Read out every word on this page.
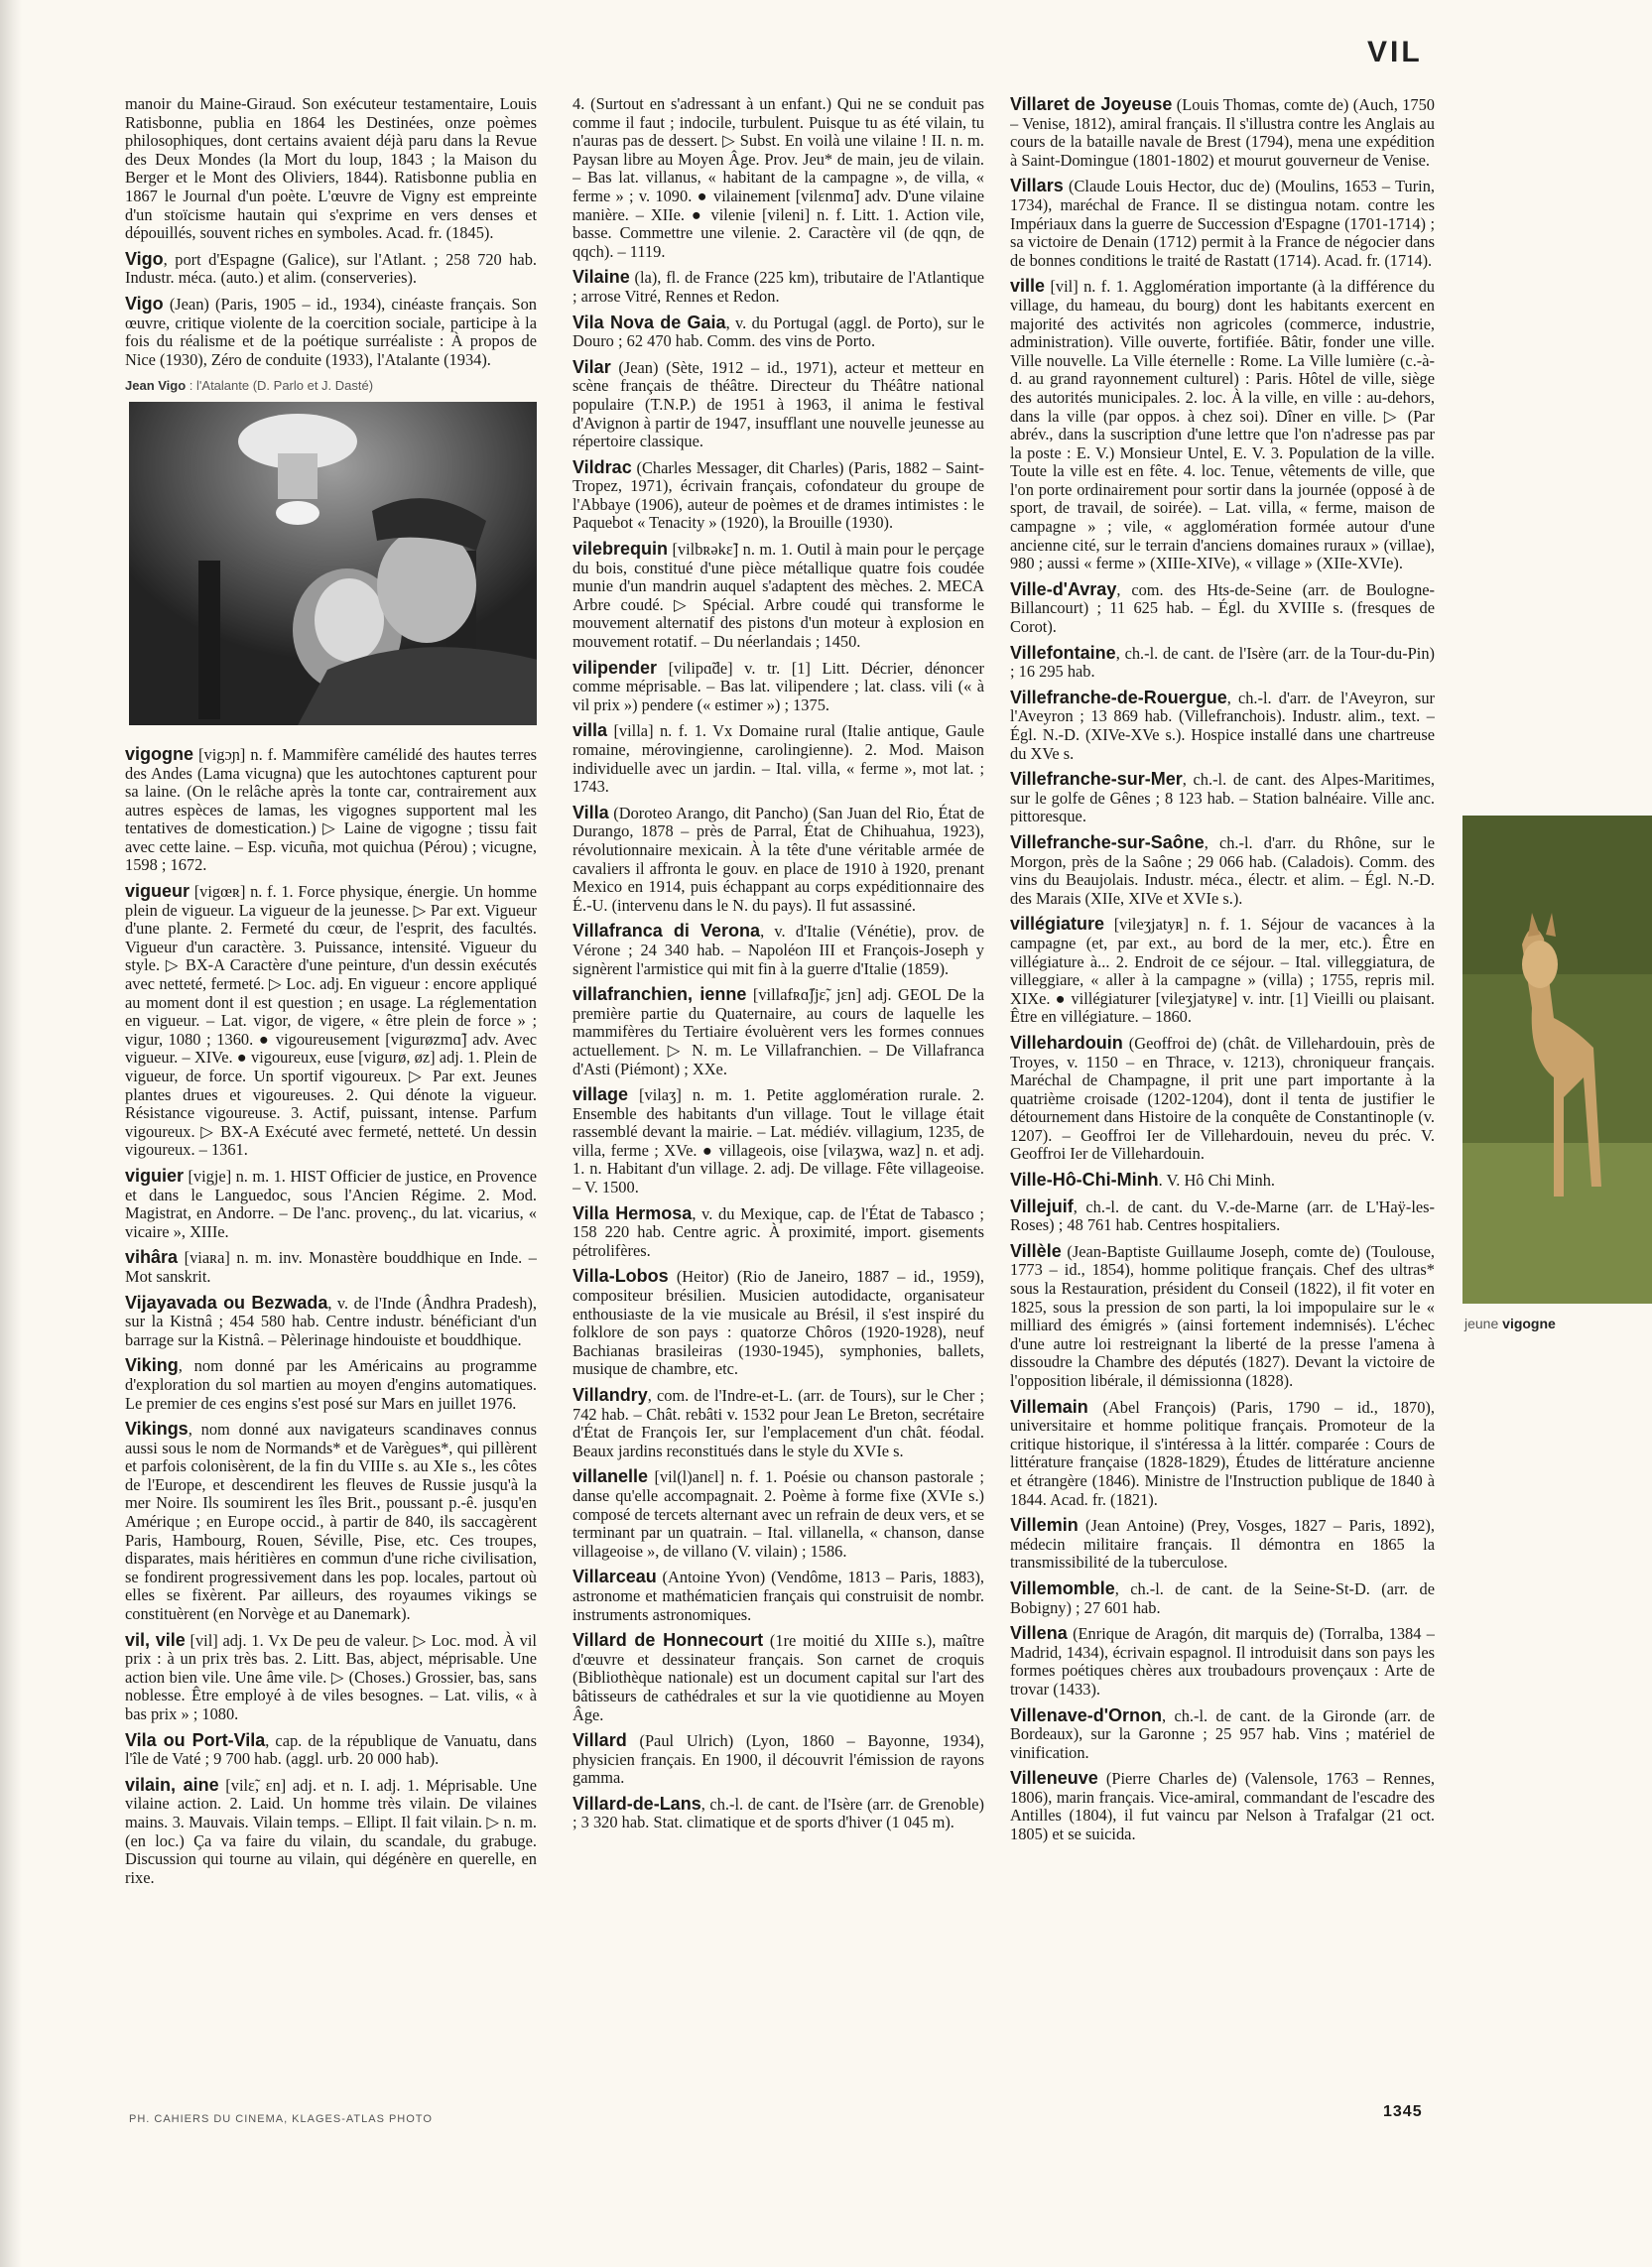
VIL

manoir du Maine-Giraud. Son exécuteur testamentaire, Louis Ratisbonne, publia en 1864 les Destinées, onze poèmes philosophiques, dont certains avaient déjà paru dans la Revue des Deux Mondes (la Mort du loup, 1843 ; la Maison du Berger et le Mont des Oliviers, 1844). Ratisbonne publia en 1867 le Journal d'un poète. L'œuvre de Vigny est empreinte d'un stoïcisme hautain qui s'exprime en vers denses et dépouillés, souvent riches en symboles. Acad. fr. (1845).

Vigo, port d'Espagne (Galice), sur l'Atlant. ; 258 720 hab. Industr. méca. (auto.) et alim. (conserveries).

Vigo (Jean) (Paris, 1905 – id., 1934), cinéaste français. Son œuvre, critique violente de la coercition sociale, participe à la fois du réalisme et de la poétique surréaliste : À propos de Nice (1930), Zéro de conduite (1933), l'Atalante (1934).

Jean Vigo : l'Atalante (D. Parlo et J. Dasté)

vigogne [vigɔɲ] n. f. Mammifère camélidé des hautes terres des Andes (Lama vicugna) que les autochtones capturent pour sa laine. (On le relâche après la tonte car, contrairement aux autres espèces de lamas, les vigognes supportent mal les tentatives de domestication.) ▷ Laine de vigogne ; tissu fait avec cette laine. – Esp. vicuña, mot quichua (Pérou) ; vicugne, 1598 ; 1672.

vigueur [vigœʀ] n. f. 1. Force physique, énergie. Un homme plein de vigueur. La vigueur de la jeunesse. ▷ Par ext. Vigueur d'une plante. 2. Fermeté du cœur, de l'esprit, des facultés. Vigueur d'un caractère. 3. Puissance, intensité. Vigueur du style. ▷ BX-A Caractère d'une peinture, d'un dessin exécutés avec netteté, fermeté. ▷ Loc. adj. En vigueur : encore appliqué au moment dont il est question ; en usage. La réglementation en vigueur. – Lat. vigor, de vigere, « être plein de force » ; vigur, 1080 ; 1360. ● vigoureusement [vigurøzmɑ̃] adv. Avec vigueur. – XIVe. ● vigoureux, euse [vigurø, øz] adj. 1. Plein de vigueur, de force. Un sportif vigoureux. ▷ Par ext. Jeunes plantes drues et vigoureuses. 2. Qui dénote la vigueur. Résistance vigoureuse. 3. Actif, puissant, intense. Parfum vigoureux. ▷ BX-A Exécuté avec fermeté, netteté. Un dessin vigoureux. – 1361.

viguier [vigje] n. m. 1. HIST Officier de justice, en Provence et dans le Languedoc, sous l'Ancien Régime. 2. Mod. Magistrat, en Andorre. – De l'anc. provenç., du lat. vicarius, « vicaire », XIIIe.

vihâra [viaʀa] n. m. inv. Monastère bouddhique en Inde. – Mot sanskrit.

Vijayavada ou Bezwada, v. de l'Inde (Ândhra Pradesh), sur la Kistnâ ; 454 580 hab. Centre industr. bénéficiant d'un barrage sur la Kistnâ. – Pèlerinage hindouiste et bouddhique.

Viking, nom donné par les Américains au programme d'exploration du sol martien au moyen d'engins automatiques. Le premier de ces engins s'est posé sur Mars en juillet 1976.

Vikings, nom donné aux navigateurs scandinaves connus aussi sous le nom de Normands* et de Varègues*, qui pillèrent et parfois colonisèrent, de la fin du VIIIe s. au XIe s., les côtes de l'Europe, et descendirent les fleuves de Russie jusqu'à la mer Noire. Ils soumirent les îles Brit., poussant p.-ê. jusqu'en Amérique ; en Europe occid., à partir de 840, ils saccagèrent Paris, Hambourg, Rouen, Séville, Pise, etc. Ces troupes, disparates, mais héritières en commun d'une riche civilisation, se fondirent progressivement dans les pop. locales, partout où elles se fixèrent. Par ailleurs, des royaumes vikings se constituèrent (en Norvège et au Danemark).

vil, vile [vil] adj. 1. Vx De peu de valeur. ▷ Loc. mod. À vil prix : à un prix très bas. 2. Litt. Bas, abject, méprisable. Une action bien vile. Une âme vile. ▷ (Choses.) Grossier, bas, sans noblesse. Être employé à de viles besognes. – Lat. vilis, « à bas prix » ; 1080.

Vila ou Port-Vila, cap. de la république de Vanuatu, dans l'île de Vaté ; 9 700 hab. (aggl. urb. 20 000 hab).

vilain, aine [vilɛ̃, ɛn] adj. et n. I. adj. 1. Méprisable. Une vilaine action. 2. Laid. Un homme très vilain. De vilaines mains. 3. Mauvais. Vilain temps. – Ellipt. Il fait vilain. ▷ n. m. (en loc.) Ça va faire du vilain, du scandale, du grabuge. Discussion qui tourne au vilain, qui dégénère en querelle, en rixe.

4. (Surtout en s'adressant à un enfant.) Qui ne se conduit pas comme il faut ; indocile, turbulent. Puisque tu as été vilain, tu n'auras pas de dessert. ▷ Subst. En voilà une vilaine ! II. n. m. Paysan libre au Moyen Âge. Prov. Jeu* de main, jeu de vilain. – Bas lat. villanus, « habitant de la campagne », de villa, « ferme » ; v. 1090. ● vilainement [vilɛnmɑ̃] adv. D'une vilaine manière. – XIIe. ● vilenie [vileni] n. f. Litt. 1. Action vile, basse. Commettre une vilenie. 2. Caractère vil (de qqn, de qqch). – 1119.

Vilaine (la), fl. de France (225 km), tributaire de l'Atlantique ; arrose Vitré, Rennes et Redon.

Vila Nova de Gaia, v. du Portugal (aggl. de Porto), sur le Douro ; 62 470 hab. Comm. des vins de Porto.

Vilar (Jean) (Sète, 1912 – id., 1971), acteur et metteur en scène français de théâtre. Directeur du Théâtre national populaire (T.N.P.) de 1951 à 1963, il anima le festival d'Avignon à partir de 1947, insufflant une nouvelle jeunesse au répertoire classique.

Vildrac (Charles Messager, dit Charles) (Paris, 1882 – Saint-Tropez, 1971), écrivain français, cofondateur du groupe de l'Abbaye (1906), auteur de poèmes et de drames intimistes : le Paquebot « Tenacity » (1920), la Brouille (1930).

vilebrequin [vilbʀəkɛ̃] n. m. 1. Outil à main pour le perçage du bois, constitué d'une pièce métallique quatre fois coudée munie d'un mandrin auquel s'adaptent des mèches. 2. MECA Arbre coudé. ▷ Spécial. Arbre coudé qui transforme le mouvement alternatif des pistons d'un moteur à explosion en mouvement rotatif. – Du néerlandais ; 1450.

vilipender [vilipɑ̃de] v. tr. [1] Litt. Décrier, dénoncer comme méprisable. – Bas lat. vilipendere ; lat. class. vili (« à vil prix ») pendere (« estimer ») ; 1375.

villa [villa] n. f. 1. Vx Domaine rural (Italie antique, Gaule romaine, mérovingienne, carolingienne). 2. Mod. Maison individuelle avec un jardin. – Ital. villa, « ferme », mot lat. ; 1743.

Villa (Doroteo Arango, dit Pancho) (San Juan del Rio, État de Durango, 1878 – près de Parral, État de Chihuahua, 1923), révolutionnaire mexicain. À la tête d'une véritable armée de cavaliers il affronta le gouv. en place de 1910 à 1920, prenant Mexico en 1914, puis échappant au corps expéditionnaire des É.-U. (intervenu dans le N. du pays). Il fut assassiné.

Villafranca di Verona, v. d'Italie (Vénétie), prov. de Vérone ; 24 340 hab. – Napoléon III et François-Joseph y signèrent l'armistice qui mit fin à la guerre d'Italie (1859).

villafranchien, ienne [villafʀɑ̃ʃjɛ̃, jɛn] adj. GEOL De la première partie du Quaternaire, au cours de laquelle les mammifères du Tertiaire évoluèrent vers les formes connues actuellement. ▷ N. m. Le Villafranchien. – De Villafranca d'Asti (Piémont) ; XXe.

village [vilaʒ] n. m. 1. Petite agglomération rurale. 2. Ensemble des habitants d'un village. Tout le village était rassemblé devant la mairie. – Lat. médiév. villagium, 1235, de villa, ferme ; XVe. ● villageois, oise [vilaʒwa, waz] n. et adj. 1. n. Habitant d'un village. 2. adj. De village. Fête villageoise. – V. 1500.

Villa Hermosa, v. du Mexique, cap. de l'État de Tabasco ; 158 220 hab. Centre agric. À proximité, import. gisements pétrolifères.

Villa-Lobos (Heitor) (Rio de Janeiro, 1887 – id., 1959), compositeur brésilien. Musicien autodidacte, organisateur enthousiaste de la vie musicale au Brésil, il s'est inspiré du folklore de son pays : quatorze Chôros (1920-1928), neuf Bachianas brasileiras (1930-1945), symphonies, ballets, musique de chambre, etc.

Villandry, com. de l'Indre-et-L. (arr. de Tours), sur le Cher ; 742 hab. – Chât. rebâti v. 1532 pour Jean Le Breton, secrétaire d'État de François Ier, sur l'emplacement d'un chât. féodal. Beaux jardins reconstitués dans le style du XVIe s.

villanelle [vil(l)anɛl] n. f. 1. Poésie ou chanson pastorale ; danse qu'elle accompagnait. 2. Poème à forme fixe (XVIe s.) composé de tercets alternant avec un refrain de deux vers, et se terminant par un quatrain. – Ital. villanella, « chanson, danse villageoise », de villano (V. vilain) ; 1586.

Villarceau (Antoine Yvon) (Vendôme, 1813 – Paris, 1883), astronome et mathématicien français qui construisit de nombr. instruments astronomiques.

Villard de Honnecourt (1re moitié du XIIIe s.), maître d'œuvre et dessinateur français. Son carnet de croquis (Bibliothèque nationale) est un document capital sur l'art des bâtisseurs de cathédrales et sur la vie quotidienne au Moyen Âge.

Villard (Paul Ulrich) (Lyon, 1860 – Bayonne, 1934), physicien français. En 1900, il découvrit l'émission de rayons gamma.

Villard-de-Lans, ch.-l. de cant. de l'Isère (arr. de Grenoble) ; 3 320 hab. Stat. climatique et de sports d'hiver (1 045 m).

Villaret de Joyeuse (Louis Thomas, comte de) (Auch, 1750 – Venise, 1812), amiral français. Il s'illustra contre les Anglais au cours de la bataille navale de Brest (1794), mena une expédition à Saint-Domingue (1801-1802) et mourut gouverneur de Venise.

Villars (Claude Louis Hector, duc de) (Moulins, 1653 – Turin, 1734), maréchal de France. Il se distingua notam. contre les Impériaux dans la guerre de Succession d'Espagne (1701-1714) ; sa victoire de Denain (1712) permit à la France de négocier dans de bonnes conditions le traité de Rastatt (1714). Acad. fr. (1714).

ville [vil] n. f. 1. Agglomération importante (à la différence du village, du hameau, du bourg) dont les habitants exercent en majorité des activités non agricoles (commerce, industrie, administration). Ville ouverte, fortifiée. Bâtir, fonder une ville. Ville nouvelle. La Ville éternelle : Rome. La Ville lumière (c.-à-d. au grand rayonnement culturel) : Paris. Hôtel de ville, siège des autorités municipales. 2. loc. À la ville, en ville : au-dehors, dans la ville (par oppos. à chez soi). Dîner en ville. ▷ (Par abrév., dans la suscription d'une lettre que l'on n'adresse pas par la poste : E. V.) Monsieur Untel, E. V. 3. Population de la ville. Toute la ville est en fête. 4. loc. Tenue, vêtements de ville, que l'on porte ordinairement pour sortir dans la journée (opposé à de sport, de travail, de soirée). – Lat. villa, « ferme, maison de campagne » ; vile, « agglomération formée autour d'une ancienne cité, sur le terrain d'anciens domaines ruraux » (villae), 980 ; aussi « ferme » (XIIIe-XIVe), « village » (XIIe-XVIe).

Ville-d'Avray, com. des Hts-de-Seine (arr. de Boulogne-Billancourt) ; 11 625 hab. – Égl. du XVIIIe s. (fresques de Corot).

Villefontaine, ch.-l. de cant. de l'Isère (arr. de la Tour-du-Pin) ; 16 295 hab.

Villefranche-de-Rouergue, ch.-l. d'arr. de l'Aveyron, sur l'Aveyron ; 13 869 hab. (Villefranchois). Industr. alim., text. – Égl. N.-D. (XIVe-XVe s.). Hospice installé dans une chartreuse du XVe s.

Villefranche-sur-Mer, ch.-l. de cant. des Alpes-Maritimes, sur le golfe de Gênes ; 8 123 hab. – Station balnéaire. Ville anc. pittoresque.

Villefranche-sur-Saône, ch.-l. d'arr. du Rhône, sur le Morgon, près de la Saône ; 29 066 hab. (Caladois). Comm. des vins du Beaujolais. Industr. méca., électr. et alim. – Égl. N.-D. des Marais (XIIe, XIVe et XVIe s.).

villégiature [vileʒjatyʀ] n. f. 1. Séjour de vacances à la campagne (et, par ext., au bord de la mer, etc.). Être en villégiature à... 2. Endroit de ce séjour. – Ital. villeggiatura, de villeggiare, « aller à la campagne » (villa) ; 1755, repris mil. XIXe. ● villégiaturer [vileʒjatyʀe] v. intr. [1] Vieilli ou plaisant. Être en villégiature. – 1860.

Villehardouin (Geoffroi de) (chât. de Villehardouin, près de Troyes, v. 1150 – en Thrace, v. 1213), chroniqueur français. Maréchal de Champagne, il prit une part importante à la quatrième croisade (1202-1204), dont il tenta de justifier le détournement dans Histoire de la conquête de Constantinople (v. 1207). – Geoffroi Ier de Villehardouin, neveu du préc. V. Geoffroi Ier de Villehardouin.

Ville-Hô-Chi-Minh. V. Hô Chi Minh.

Villejuif, ch.-l. de cant. du V.-de-Marne (arr. de L'Haÿ-les-Roses) ; 48 761 hab. Centres hospitaliers.

Villèle (Jean-Baptiste Guillaume Joseph, comte de) (Toulouse, 1773 – id., 1854), homme politique français. Chef des ultras* sous la Restauration, président du Conseil (1822), il fit voter en 1825, sous la pression de son parti, la loi impopulaire sur le « milliard des émigrés » (ainsi fortement indemnisés). L'échec d'une autre loi restreignant la liberté de la presse l'amena à dissoudre la Chambre des députés (1827). Devant la victoire de l'opposition libérale, il démissionna (1828).

Villemain (Abel François) (Paris, 1790 – id., 1870), universitaire et homme politique français. Promoteur de la critique historique, il s'intéressa à la littér. comparée : Cours de littérature française (1828-1829), Études de littérature ancienne et étrangère (1846). Ministre de l'Instruction publique de 1840 à 1844. Acad. fr. (1821).

Villemin (Jean Antoine) (Prey, Vosges, 1827 – Paris, 1892), médecin militaire français. Il démontra en 1865 la transmissibilité de la tuberculose.

Villemomble, ch.-l. de cant. de la Seine-St-D. (arr. de Bobigny) ; 27 601 hab.

Villena (Enrique de Aragón, dit marquis de) (Torralba, 1384 – Madrid, 1434), écrivain espagnol. Il introduisit dans son pays les formes poétiques chères aux troubadours provençaux : Arte de trovar (1433).

Villenave-d'Ornon, ch.-l. de cant. de la Gironde (arr. de Bordeaux), sur la Garonne ; 25 957 hab. Vins ; matériel de vinification.

Villeneuve (Pierre Charles de) (Valensole, 1763 – Rennes, 1806), marin français. Vice-amiral, commandant de l'escadre des Antilles (1804), il fut vaincu par Nelson à Trafalgar (21 oct. 1805) et se suicida.

jeune vigogne
PH. CAHIERS DU CINEMA, KLAGES-ATLAS PHOTO	1345
